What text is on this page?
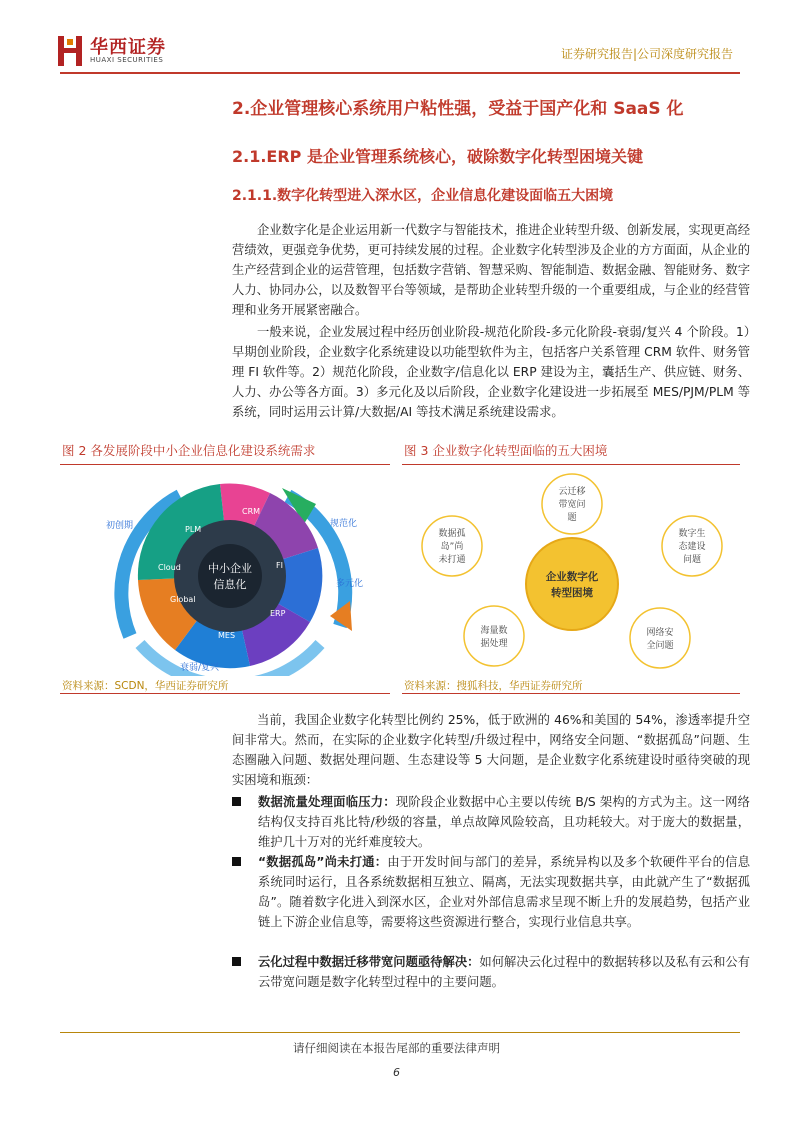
华西证券
HUAXI SECURITIES	证券研究报告|公司深度研究报告
2.企业管理核心系统用户粘性强，受益于国产化和 SaaS 化
2.1.ERP 是企业管理系统核心，破除数字化转型困境关键
2.1.1.数字化转型进入深水区，企业信息化建设面临五大困境
企业数字化是企业运用新一代数字与智能技术，推进企业转型升级、创新发展，实现更高经营绩效，更强竞争优势，更可持续发展的过程。企业数字化转型涉及企业的方方面面，从企业的生产经营到企业的运营管理，包括数字营销、智慧采购、智能制造、数据金融、智能财务、数字人力、协同办公，以及数智平台等领域，是帮助企业转型升级的一个重要组成，与企业的经营管理和业务开展紧密融合。
一般来说，企业发展过程中经历创业阶段-规范化阶段-多元化阶段-衰弱/复兴 4 个阶段。1）早期创业阶段，企业数字化系统建设以功能型软件为主，包括客户关系管理 CRM 软件、财务管理 FI 软件等。2）规范化阶段，企业数字/信息化以 ERP 建设为主，囊括生产、供应链、财务、人力、办公等各方面。3）多元化及以后阶段，企业数字化建设进一步拓展至 MES/PJM/PLM 等系统，同时运用云计算/大数据/AI 等技术满足系统建设需求。
图 2 各发展阶段中小企业信息化建设系统需求	图 3 企业数字化转型面临的五大困境
中小企业
信息化
CRM
PLM
FI
ERP
MES
Global
Cloud
初创期	规范化
多元化
衰弱/复兴
企业数字化
转型困境
云迁移
带宽问
题
数字生
态建设
问题
网络安
全问题
海量数
据处理
数据孤
岛”尚
未打通
资料来源：SCDN，华西证券研究所	资料来源：搜狐科技，华西证券研究所
当前，我国企业数字化转型比例约 25%，低于欧洲的 46%和美国的 54%，渗透率提升空间非常大。然而，在实际的企业数字化转型/升级过程中，网络安全问题、“数据孤岛”问题、生态圈融入问题、数据处理问题、生态建设等 5 大问题，是企业数字化系统建设时亟待突破的现实困境和瓶颈：
数据流量处理面临压力：现阶段企业数据中心主要以传统 B/S 架构的方式为主。这一网络结构仅支持百兆比特/秒级的容量，单点故障风险较高，且功耗较大。对于庞大的数据量，维护几十万对的光纤难度较大。
“数据孤岛”尚未打通：由于开发时间与部门的差异，系统异构以及多个软硬件平台的信息系统同时运行，且各系统数据相互独立、隔离，无法实现数据共享，由此就产生了“数据孤岛”。随着数字化进入到深水区，企业对外部信息需求呈现不断上升的发展趋势，包括产业链上下游企业信息等，需要将这些资源进行整合，实现行业信息共享。
云化过程中数据迁移带宽问题亟待解决：如何解决云化过程中的数据转移以及私有云和公有云带宽问题是数字化转型过程中的主要问题。
请仔细阅读在本报告尾部的重要法律声明
6
